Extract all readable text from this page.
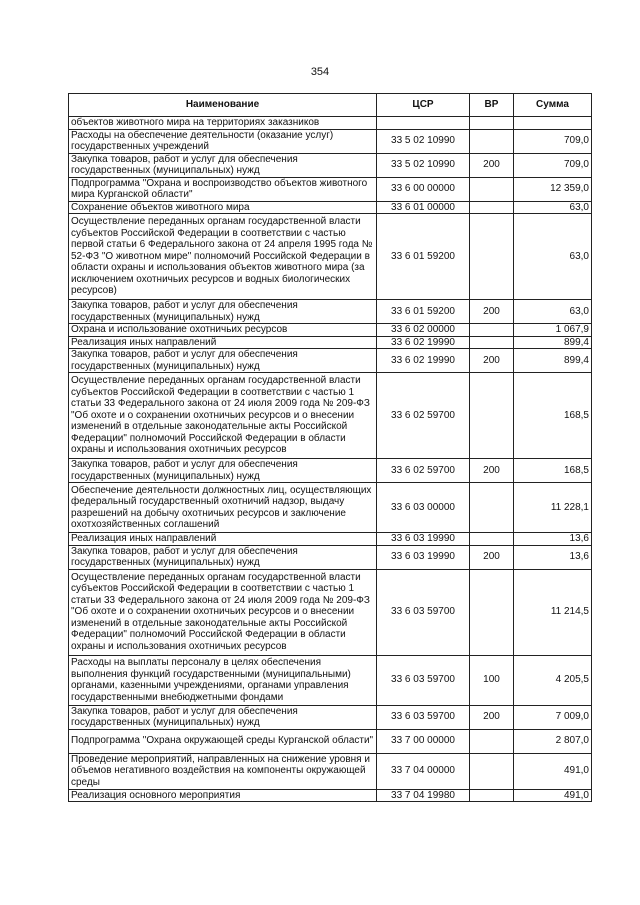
354
Наименование	ЦСР	ВР	Сумма
объектов животного мира на территориях заказников			
Расходы на обеспечение деятельности (оказание услуг) государственных учреждений	33 5 02 10990		709,0
Закупка товаров, работ и услуг для обеспечения государственных (муниципальных) нужд	33 5 02 10990	200	709,0
Подпрограмма "Охрана и воспроизводство объектов животного мира Курганской области"	33 6 00 00000		12 359,0
Сохранение объектов животного мира	33 6 01 00000		63,0
Осуществление переданных органам государственной власти субъектов Российской Федерации в соответствии с частью первой статьи 6 Федерального закона от 24 апреля 1995 года № 52-ФЗ "О животном мире" полномочий Российской Федерации в области охраны и использования объектов животного мира (за исключением охотничьих ресурсов и водных биологических ресурсов)	33 6 01 59200		63,0
Закупка товаров, работ и услуг для обеспечения государственных (муниципальных) нужд	33 6 01 59200	200	63,0
Охрана и использование охотничьих ресурсов	33 6 02 00000		1 067,9
Реализация иных направлений	33 6 02 19990		899,4
Закупка товаров, работ и услуг для обеспечения государственных (муниципальных) нужд	33 6 02 19990	200	899,4
Осуществление переданных органам государственной власти субъектов Российской Федерации в соответствии с частью 1 статьи 33 Федерального закона от 24 июля 2009 года № 209-ФЗ "Об охоте и о сохранении охотничьих ресурсов и о внесении изменений в отдельные законодательные акты Российской Федерации" полномочий Российской Федерации в области охраны и использования охотничьих ресурсов	33 6 02 59700		168,5
Закупка товаров, работ и услуг для обеспечения государственных (муниципальных) нужд	33 6 02 59700	200	168,5
Обеспечение деятельности должностных лиц, осуществляющих федеральный государственный охотничий надзор, выдачу разрешений на добычу охотничьих ресурсов и заключение охотхозяйственных соглашений	33 6 03 00000		11 228,1
Реализация иных направлений	33 6 03 19990		13,6
Закупка товаров, работ и услуг для обеспечения государственных (муниципальных) нужд	33 6 03 19990	200	13,6
Осуществление переданных органам государственной власти субъектов Российской Федерации в соответствии с частью 1 статьи 33 Федерального закона от 24 июля 2009 года № 209-ФЗ "Об охоте и о сохранении охотничьих ресурсов и о внесении изменений в отдельные законодательные акты Российской Федерации" полномочий Российской Федерации в области охраны и использования охотничьих ресурсов	33 6 03 59700		11 214,5
Расходы на выплаты персоналу в целях обеспечения выполнения функций государственными (муниципальными) органами, казенными учреждениями, органами управления государственными внебюджетными фондами	33 6 03 59700	100	4 205,5
Закупка товаров, работ и услуг для обеспечения государственных (муниципальных) нужд	33 6 03 59700	200	7 009,0
Подпрограмма "Охрана окружающей среды Курганской области"	33 7 00 00000		2 807,0
Проведение мероприятий, направленных на снижение уровня и объемов негативного воздействия на компоненты окружающей среды	33 7 04 00000		491,0
Реализация основного мероприятия	33 7 04 19980		491,0
